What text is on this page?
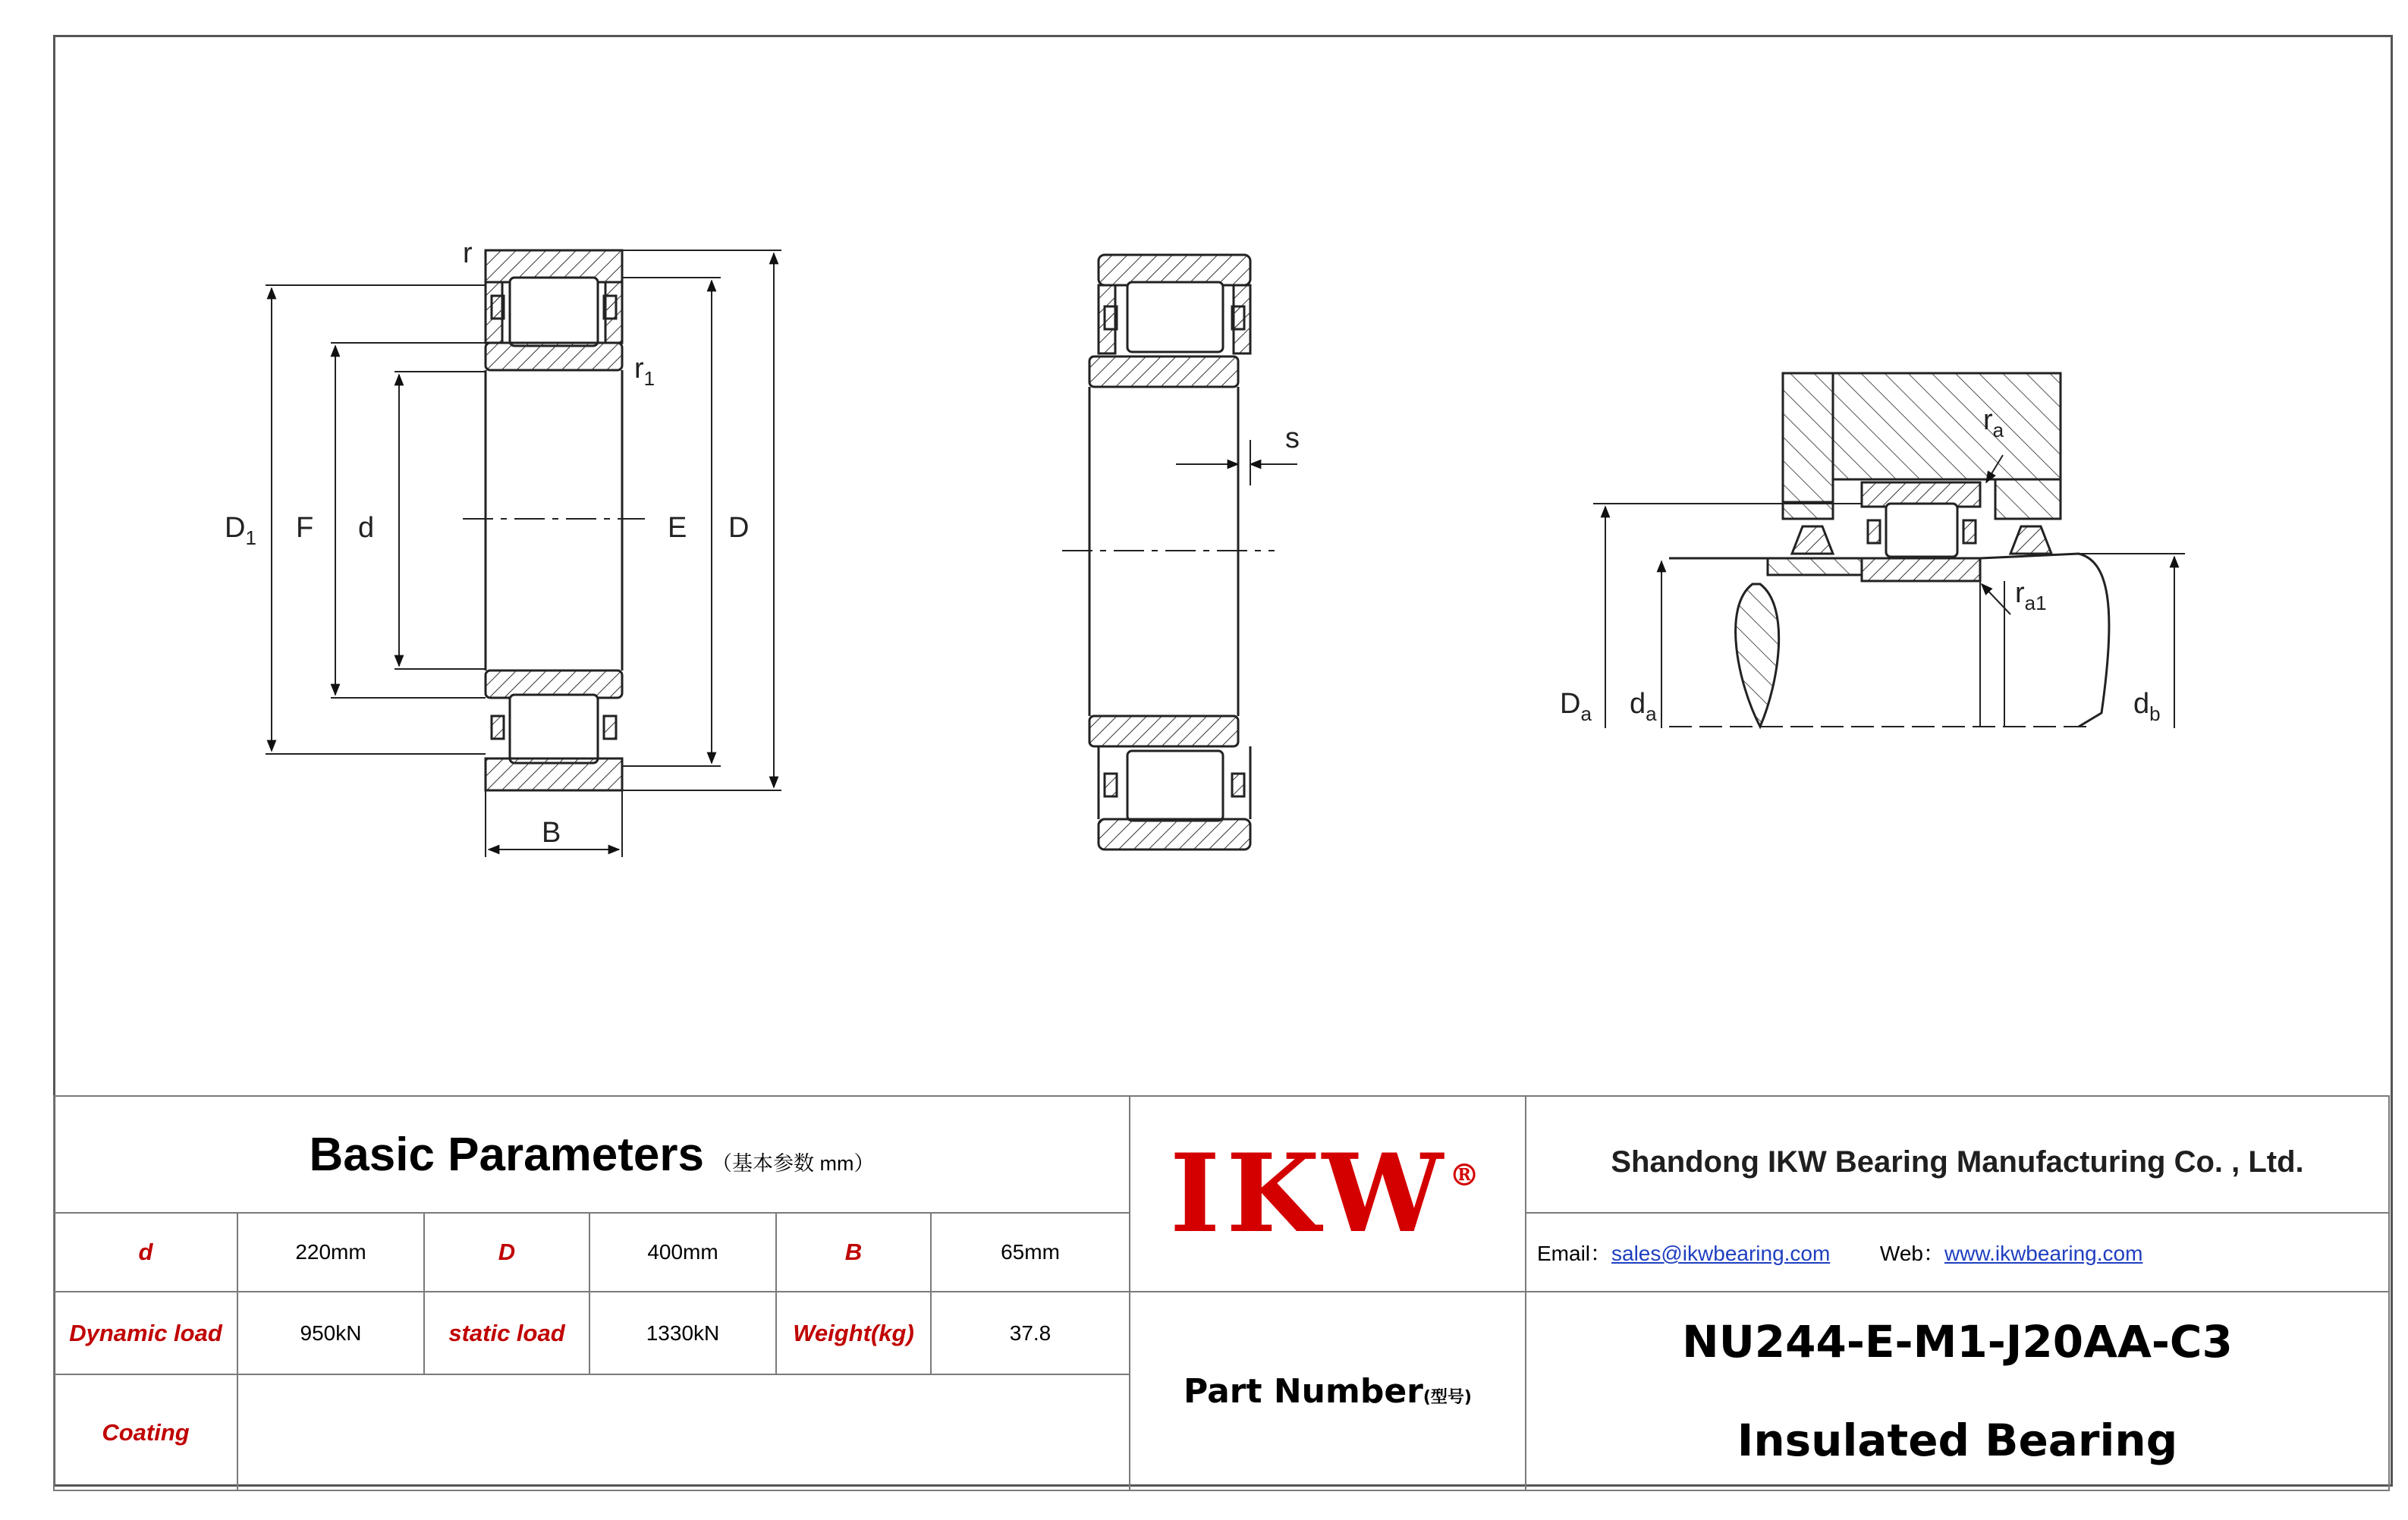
$D_1$ F d	E D
B
r
$r_1$
s
$r_a$
$r_{a1}$
$D_a$ $d_a$	$d_b$
Basic Parameters （基本参数 mm）						IKW®	Shandong IKW Bearing Manufacturing Co. , Ltd.

d	220mm	D	400mm	B	65mm		Email：sales@ikwbearing.com Web：www.ikwbearing.com
Dynamic load	950kN	static load	1330kN	Weight(kg)	37.8	Part Number(型号)	NU244-E-M1-J20AA-C3
Insulated Bearing

Coating							
